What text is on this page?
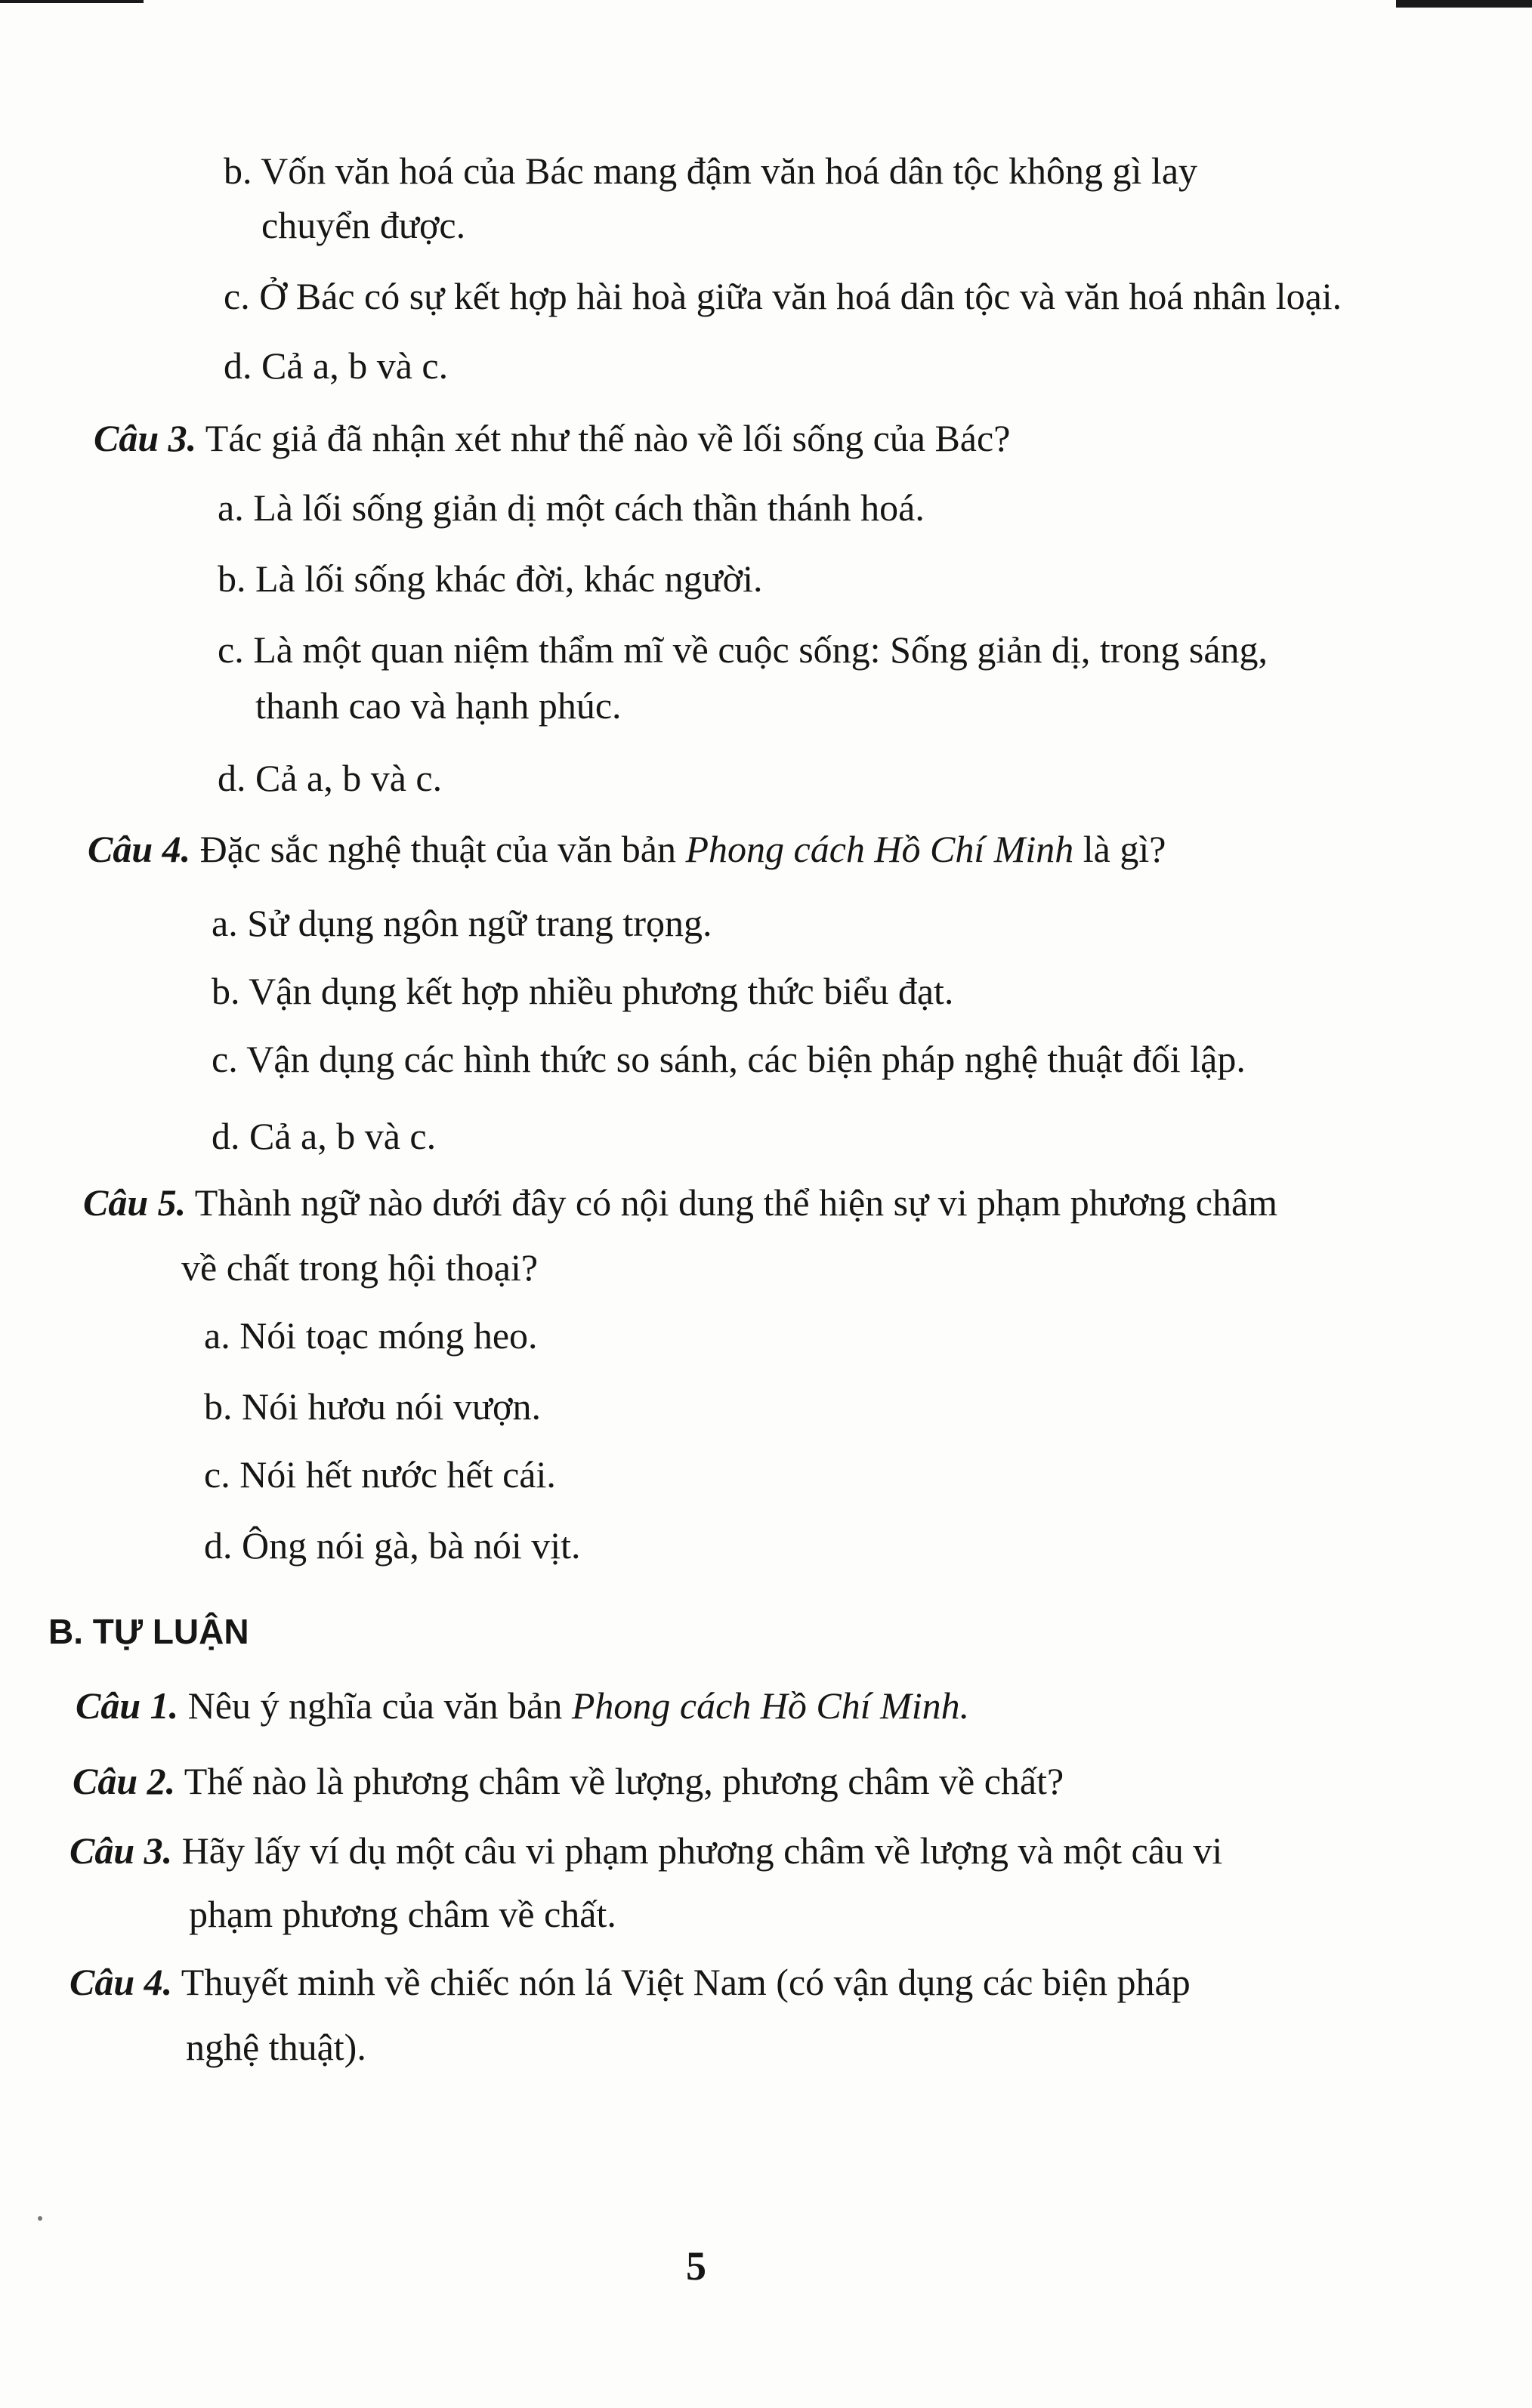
b. Vốn văn hoá của Bác mang đậm văn hoá dân tộc không gì lay
chuyển được.
c. Ở Bác có sự kết hợp hài hoà giữa văn hoá dân tộc và văn hoá nhân loại.
d. Cả a, b và c.
Câu 3. Tác giả đã nhận xét như thế nào về lối sống của Bác?
a. Là lối sống giản dị một cách thần thánh hoá.
b. Là lối sống khác đời, khác người.
c. Là một quan niệm thẩm mĩ về cuộc sống: Sống giản dị, trong sáng,
thanh cao và hạnh phúc.
d. Cả a, b và c.
Câu 4. Đặc sắc nghệ thuật của văn bản Phong cách Hồ Chí Minh là gì?
a. Sử dụng ngôn ngữ trang trọng.
b. Vận dụng kết hợp nhiều phương thức biểu đạt.
c. Vận dụng các hình thức so sánh, các biện pháp nghệ thuật đối lập.
d. Cả a, b và c.
Câu 5. Thành ngữ nào dưới đây có nội dung thể hiện sự vi phạm phương châm
về chất trong hội thoại?
a. Nói toạc móng heo.
b. Nói hươu nói vượn.
c. Nói hết nước hết cái.
d. Ông nói gà, bà nói vịt.
B. TỰ LUẬN
Câu 1. Nêu ý nghĩa của văn bản Phong cách Hồ Chí Minh.
Câu 2. Thế nào là phương châm về lượng, phương châm về chất?
Câu 3. Hãy lấy ví dụ một câu vi phạm phương châm về lượng và một câu vi
phạm phương châm về chất.
Câu 4. Thuyết minh về chiếc nón lá Việt Nam (có vận dụng các biện pháp
nghệ thuật).
5
